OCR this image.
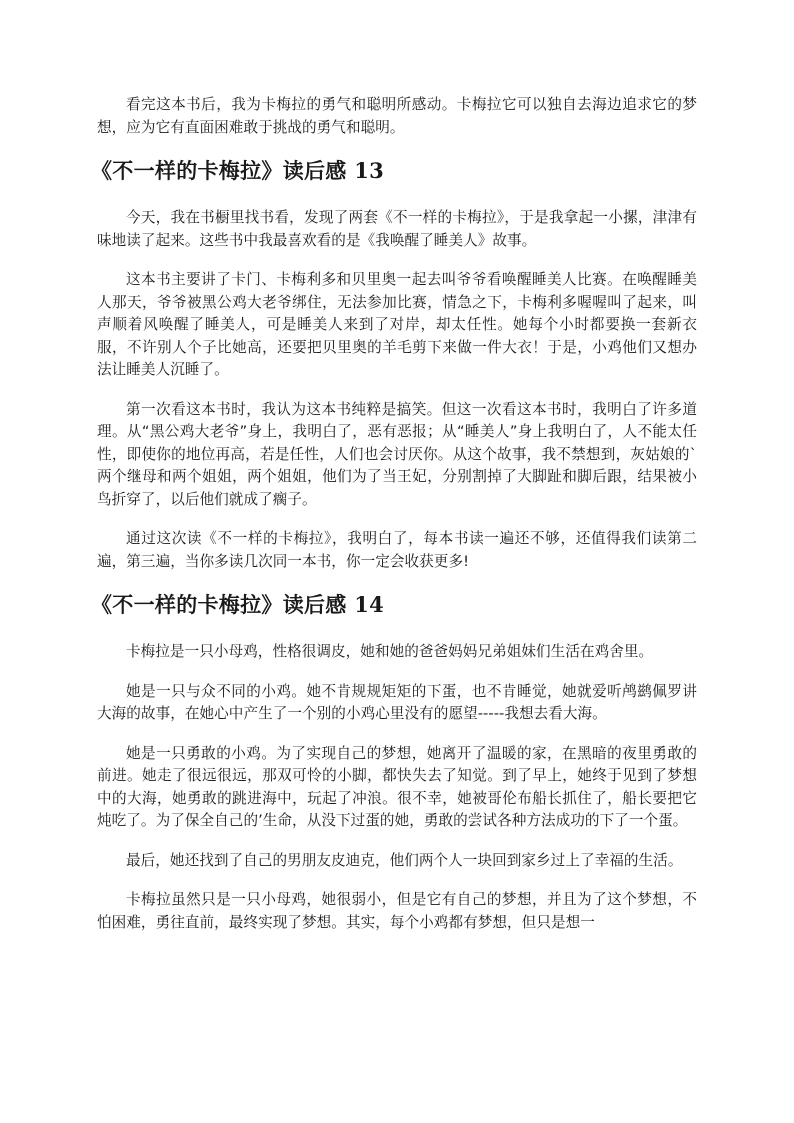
看完这本书后，我为卡梅拉的勇气和聪明所感动。卡梅拉它可以独自去海边追求它的梦想，应为它有直面困难敢于挑战的勇气和聪明。

《不一样的卡梅拉》读后感 13

今天，我在书橱里找书看，发现了两套《不一样的卡梅拉》，于是我拿起一小摞，津津有味地读了起来。这些书中我最喜欢看的是《我唤醒了睡美人》故事。

这本书主要讲了卡门、卡梅利多和贝里奥一起去叫爷爷看唤醒睡美人比赛。在唤醒睡美人那天，爷爷被黑公鸡大老爷绑住，无法参加比赛，情急之下，卡梅利多喔喔叫了起来，叫声顺着风唤醒了睡美人，可是睡美人来到了对岸，却太任性。她每个小时都要换一套新衣服，不许别人个子比她高，还要把贝里奥的羊毛剪下来做一件大衣！于是，小鸡他们又想办法让睡美人沉睡了。

第一次看这本书时，我认为这本书纯粹是搞笑。但这一次看这本书时，我明白了许多道理。从“黑公鸡大老爷”身上，我明白了，恶有恶报；从“睡美人”身上我明白了，人不能太任性，即使你的地位再高，若是任性，人们也会讨厌你。从这个故事，我不禁想到，灰姑娘的`两个继母和两个姐姐，两个姐姐，他们为了当王妃，分别割掉了大脚趾和脚后跟，结果被小鸟折穿了，以后他们就成了瘸子。

通过这次读《不一样的卡梅拉》，我明白了，每本书读一遍还不够，还值得我们读第二遍，第三遍，当你多读几次同一本书，你一定会收获更多!

《不一样的卡梅拉》读后感 14

卡梅拉是一只小母鸡，性格很调皮，她和她的爸爸妈妈兄弟姐妹们生活在鸡舍里。

她是一只与众不同的小鸡。她不肯规规矩矩的下蛋，也不肯睡觉，她就爱听鸬鹚佩罗讲大海的故事，在她心中产生了一个别的小鸡心里没有的愿望-----我想去看大海。

她是一只勇敢的小鸡。为了实现自己的梦想，她离开了温暖的家，在黑暗的夜里勇敢的前进。她走了很远很远，那双可怜的小脚，都快失去了知觉。到了早上，她终于见到了梦想中的大海，她勇敢的跳进海中，玩起了冲浪。很不幸，她被哥伦布船长抓住了，船长要把它炖吃了。为了保全自己的’生命，从没下过蛋的她，勇敢的尝试各种方法成功的下了一个蛋。

最后，她还找到了自己的男朋友皮迪克，他们两个人一块回到家乡过上了幸福的生活。

卡梅拉虽然只是一只小母鸡，她很弱小，但是它有自己的梦想，并且为了这个梦想，不怕困难，勇往直前，最终实现了梦想。其实，每个小鸡都有梦想，但只是想一
